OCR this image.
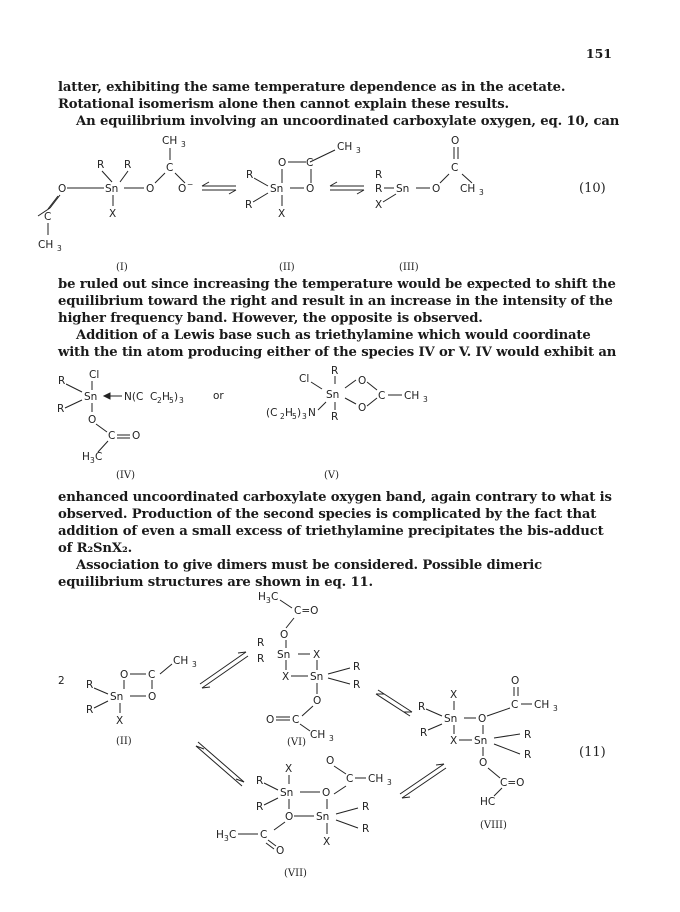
151

latter, exhibiting the same temperature dependence as in the acetate. Rotational isomerism alone then cannot explain these results.

An equilibrium involving an uncoordinated carboxylate oxygen, eq. 10, can

CH 3
R R	C
O	Sn	O O −
X
C
CH 3
(I)
CH 3
O C
R
Sn O
R
X
(II)
O
C
R
R Sn O CH 3
X
(III)
(10)

be ruled out since increasing the temperature would be expected to shift the equilibrium toward the right and result in an increase in the intensity of the higher frequency band. However, the opposite is observed.

Addition of a Lewis base such as triethylamine which would coordinate with the tin atom producing either of the species IV or V. IV would exhibit an

Cl
R
Sn	N(C C 2 H 5 ) 3
R
O
C O
H 3 C
(IV)
or
R
Cl
Sn
O
O
C CH 3
(C 2 H 5 ) 3 N R
(V)

enhanced uncoordinated carboxylate oxygen band, again contrary to what is observed. Production of the second species is complicated by the fact that addition of even a small excess of triethylamine precipitates the bis-adduct of R₂SnX₂.

Association to give dimers must be considered. Possible dimeric equilibrium structures are shown in eq. 11.

2
CH 3
O C
R
Sn O
R
X
(II)
H 3 C
C=O
O
R
R Sn X
X Sn
R
R
O
O C
CH 3
(VI)
O
C CH 3
X
R
Sn O
R
X Sn	R
R
O
C=O
HC
(VIII)
(11)
X
O
C CH 3
R
Sn	O
R
O Sn
R
R
X
H 3 C C
O
(VII)
